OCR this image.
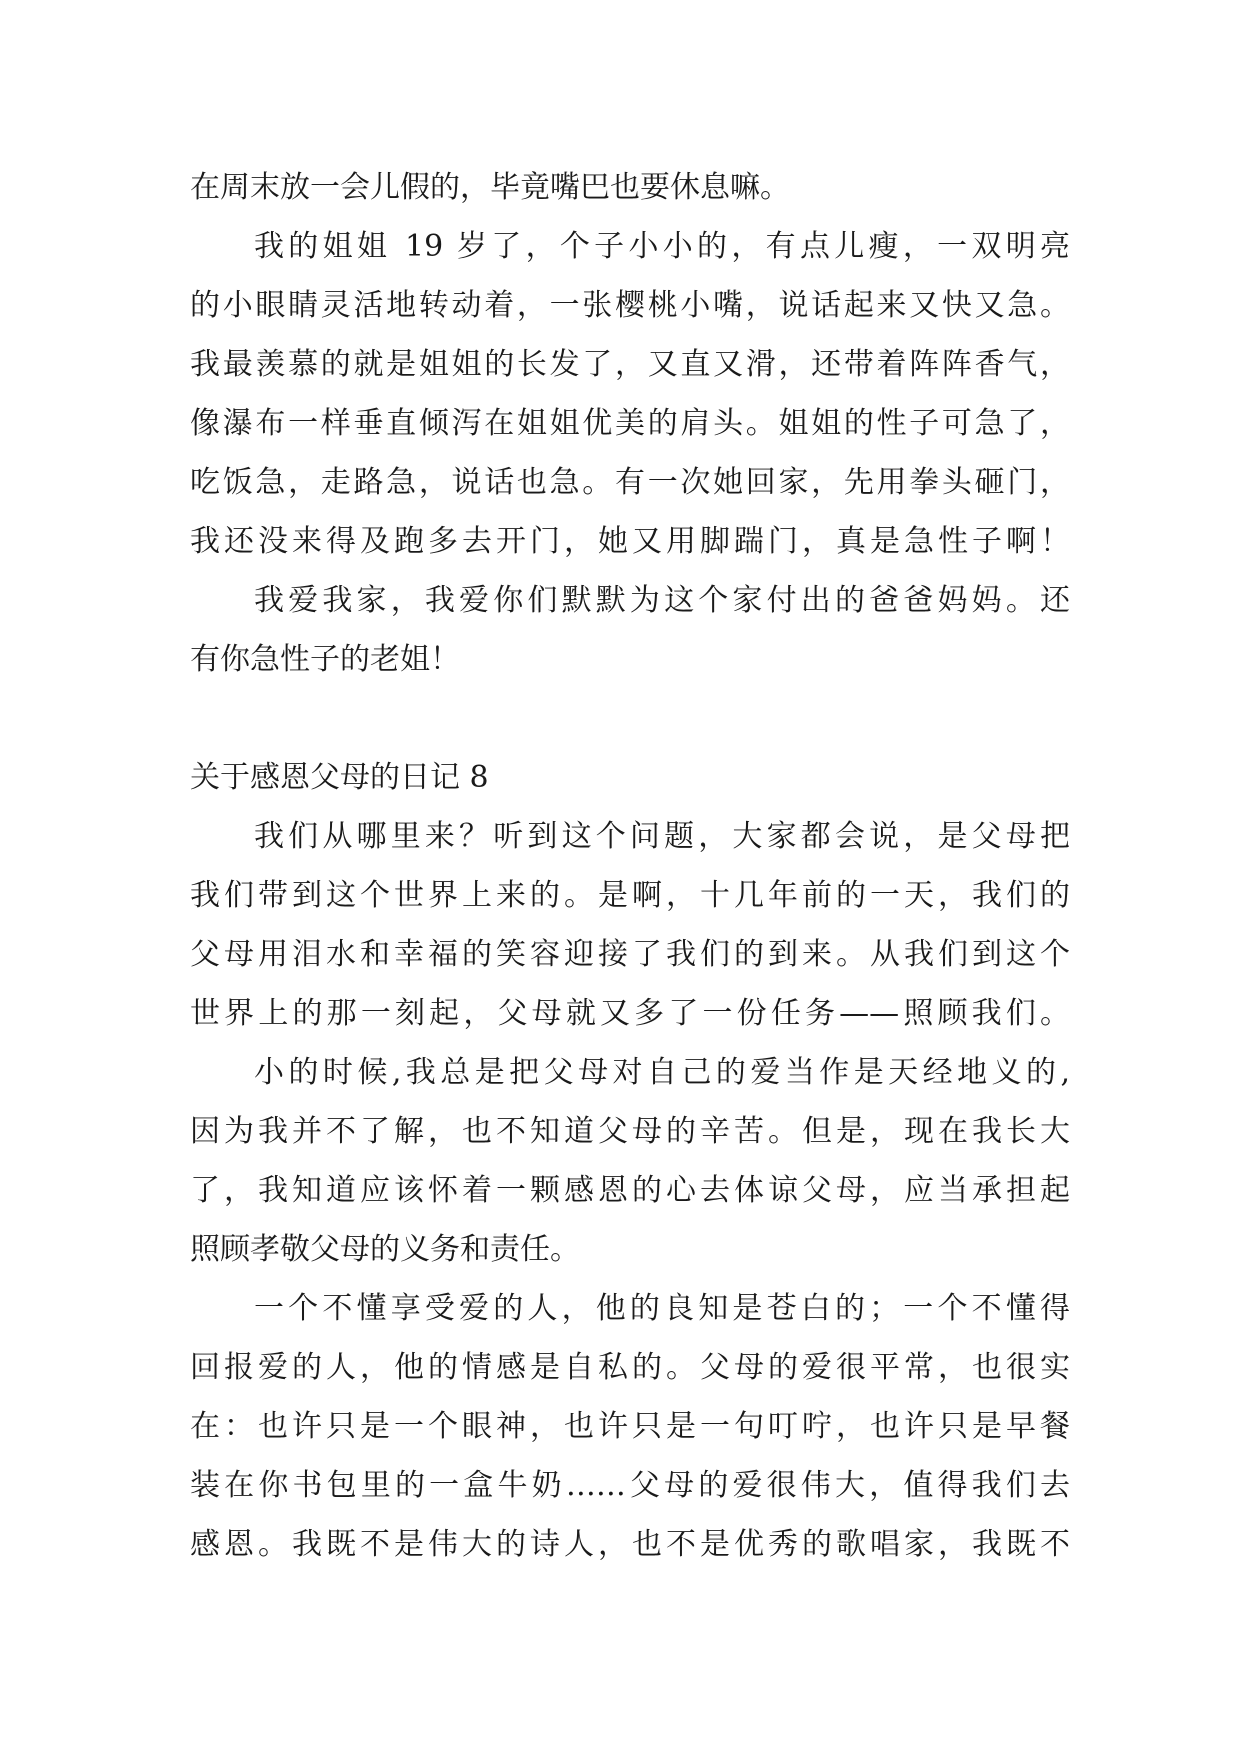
在周末放一会儿假的，毕竟嘴巴也要休息嘛。
我的姐姐 19 岁了，个子小小的，有点儿瘦，一双明亮
的小眼睛灵活地转动着，一张樱桃小嘴，说话起来又快又急。
我最羡慕的就是姐姐的长发了，又直又滑，还带着阵阵香气，
像瀑布一样垂直倾泻在姐姐优美的肩头。姐姐的性子可急了，
吃饭急，走路急，说话也急。有一次她回家，先用拳头砸门，
我还没来得及跑多去开门，她又用脚踹门，真是急性子啊！
我爱我家，我爱你们默默为这个家付出的爸爸妈妈。还
有你急性子的老姐！
关于感恩父母的日记 8
我们从哪里来？听到这个问题，大家都会说，是父母把
我们带到这个世界上来的。是啊，十几年前的一天，我们的
父母用泪水和幸福的笑容迎接了我们的到来。从我们到这个
世界上的那一刻起，父母就又多了一份任务——照顾我们。
小的时候,我总是把父母对自己的爱当作是天经地义的,
因为我并不了解，也不知道父母的辛苦。但是，现在我长大
了，我知道应该怀着一颗感恩的心去体谅父母，应当承担起
照顾孝敬父母的义务和责任。
一个不懂享受爱的人，他的良知是苍白的；一个不懂得
回报爱的人，他的情感是自私的。父母的爱很平常，也很实
在：也许只是一个眼神，也许只是一句叮咛，也许只是早餐
装在你书包里的一盒牛奶……父母的爱很伟大，值得我们去
感恩。我既不是伟大的诗人，也不是优秀的歌唱家，我既不
